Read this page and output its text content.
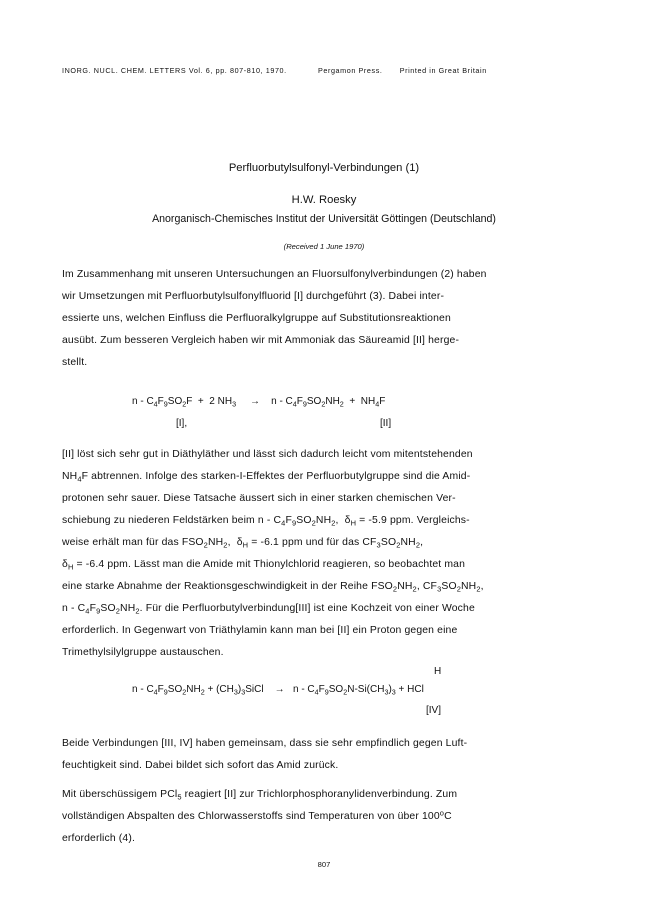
INORG. NUCL. CHEM. LETTERS Vol. 6, pp. 807-810, 1970.	Pergamon Press. Printed in Great Britain
Perfluorbutylsulfonyl-Verbindungen (1)
H.W. Roesky
Anorganisch-Chemisches Institut der Universität Göttingen (Deutschland)
(Received 1 June 1970)
Im Zusammenhang mit unseren Untersuchungen an Fluorsulfonylverbindungen (2) haben
wir Umsetzungen mit Perfluorbutylsulfonylfluorid [I] durchgeführt (3). Dabei inter-
essierte uns, welchen Einfluss die Perfluoralkylgruppe auf Substitutionsreaktionen
ausübt. Zum besseren Vergleich haben wir mit Ammoniak das Säureamid [II] herge-
stellt.
$n - C_4F_9SO_2F + 2$ $NH_3$     →    $n - C_4F_9SO_2NH_2 + NH_4F$
[I],	[II]
[II] löst sich sehr gut in Diäthyläther und lässt sich dadurch leicht vom mitentstehenden
$NH_4F$ abtrennen. Infolge des starken-I-Effektes der Perfluorbutylgruppe sind die Amid-
protonen sehr sauer. Diese Tatsache äussert sich in einer starken chemischen Ver-
schiebung zu niederen Feldstärken beim n - $C_4F_9SO_2NH_2$,  $\delta_H = -5.9$ ppm. Vergleichs-
weise erhält man für das $FSO_2NH_2$,  $\delta_H = -6.1$ ppm und für das $CF_3SO_2NH_2$,
$\delta_H = -6.4$ ppm. Lässt man die Amide mit Thionylchlorid reagieren, so beobachtet man
eine starke Abnahme der Reaktionsgeschwindigkeit in der Reihe $FSO_2NH_2$, $CF_3SO_2NH_2$,
n - $C_4F_9SO_2NH_2$. Für die Perfluorbutylverbindung[III] ist eine Kochzeit von einer Woche
erforderlich. In Gegenwart von Triäthylamin kann man bei [II] ein Proton gegen eine
Trimethylsilylgruppe austauschen.
H
n - $C_4F_9SO_2NH_2$ + $(CH_3)_3SiCl$    →   n - $C_4F_9SO_2N-Si(CH_3)_3$ + HCl
[IV]
Beide Verbindungen [III, IV] haben gemeinsam, dass sie sehr empfindlich gegen Luft-
feuchtigkeit sind. Dabei bildet sich sofort das Amid zurück.
Mit überschüssigem PCl$_5$ reagiert [II] zur Trichlorphosphoranylidenverbindung. Zum
vollständigen Abspalten des Chlorwasserstoffs sind Temperaturen von über 100$^o$C
erforderlich (4).
807
